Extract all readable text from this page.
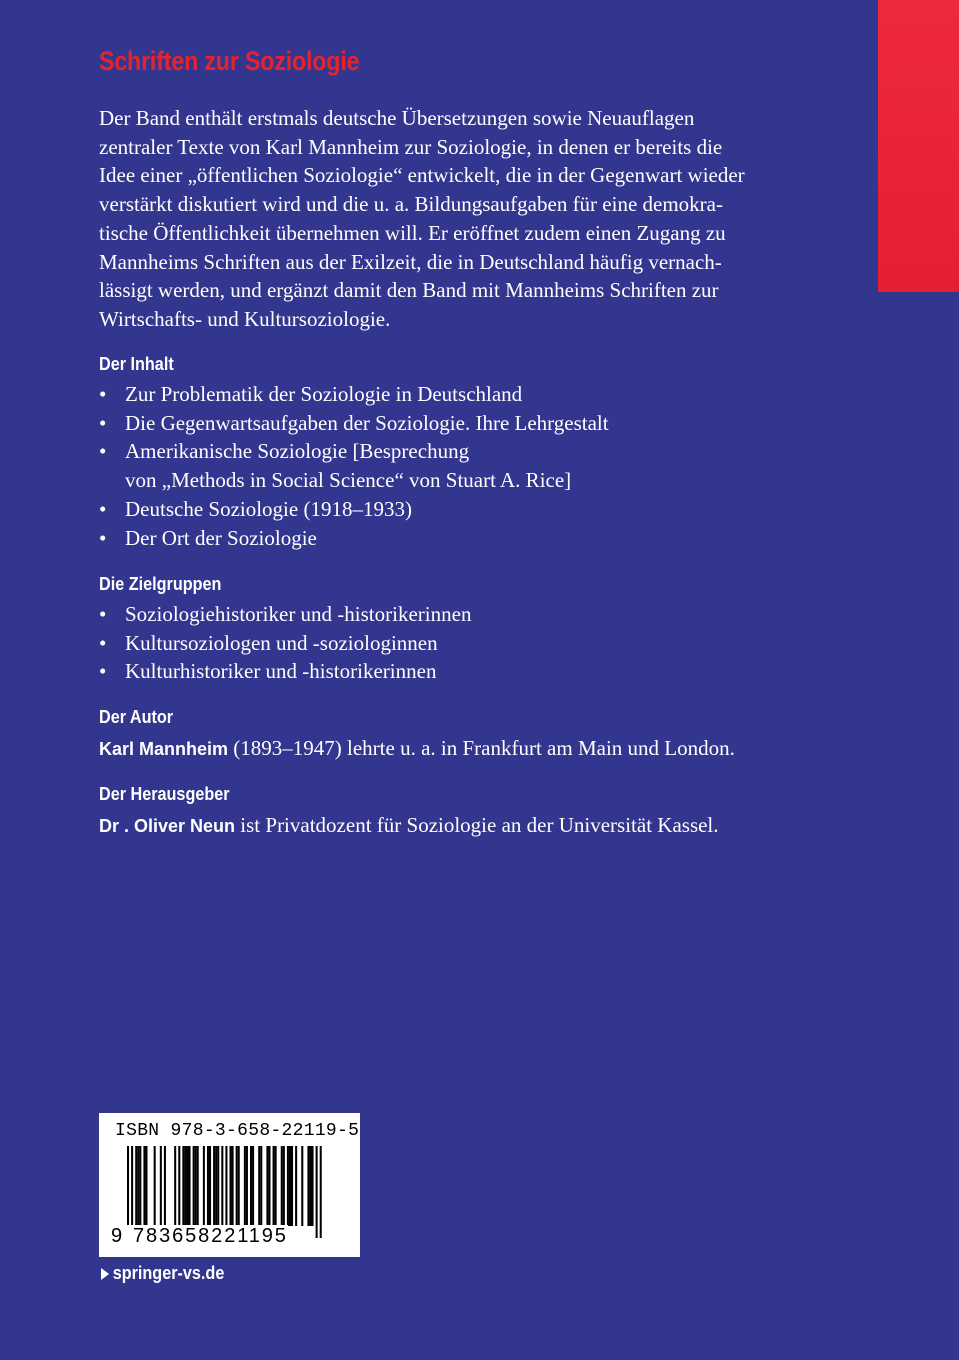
Schriften zur Soziologie
Der Band enthält erstmals deutsche Übersetzungen sowie Neuauflagen
zentraler Texte von Karl Mannheim zur Soziologie, in denen er bereits die
Idee einer „öffentlichen Soziologie“ entwickelt, die in der Gegenwart wieder
verstärkt diskutiert wird und die u. a. Bildungsaufgaben für eine demokra-
tische Öffentlichkeit übernehmen will. Er eröffnet zudem einen Zugang zu
Mannheims Schriften aus der Exilzeit, die in Deutschland häufig vernach-
lässigt werden, und ergänzt damit den Band mit Mannheims Schriften zur
Wirtschafts- und Kultursoziologie.
Der Inhalt
• Zur Problematik der Soziologie in Deutschland
• Die Gegenwartsaufgaben der Soziologie. Ihre Lehrgestalt
• Amerikanische Soziologie [Besprechung
von „Methods in Social Science“ von Stuart A. Rice]
• Deutsche Soziologie (1918–1933)
• Der Ort der Soziologie
Die Zielgruppen
• Soziologiehistoriker und -historikerinnen
• Kultursoziologen und -soziologinnen
• Kulturhistoriker und -historikerinnen
Der Autor
Karl Mannheim (1893–1947) lehrte u. a. in Frankfurt am Main und London.
Der Herausgeber
Dr . Oliver Neun ist Privatdozent für Soziologie an der Universität Kassel.
ISBN 978-3-658-22119-5
9 783658221195
springer-vs.de
